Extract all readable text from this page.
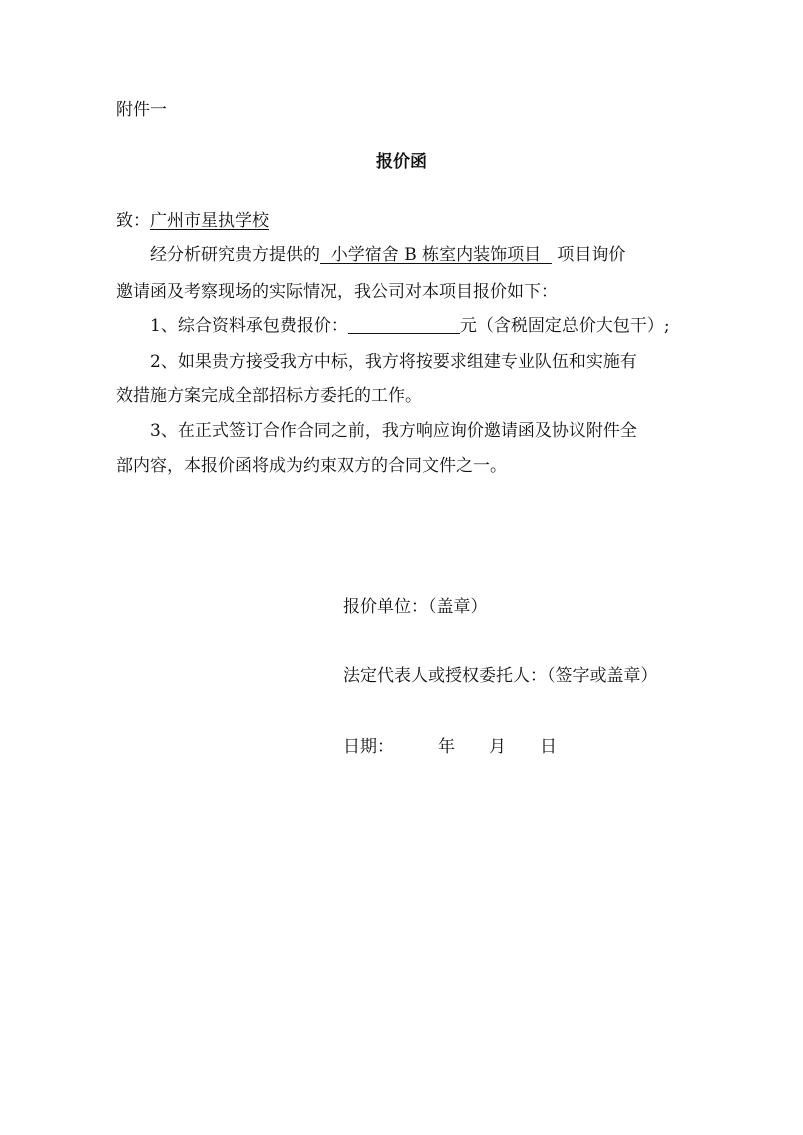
附件一
报价函
致：广州市星执学校
经分析研究贵方提供的  小学宿舍 B 栋室内装饰项目   项目询价
邀请函及考察现场的实际情况，我公司对本项目报价如下：
1、综合资料承包费报价：	元（含税固定总价大包干）;
2、如果贵方接受我方中标，我方将按要求组建专业队伍和实施有
效措施方案完成全部招标方委托的工作。
3、在正式签订合作合同之前，我方响应询价邀请函及协议附件全
部内容，本报价函将成为约束双方的合同文件之一。
报价单位：（盖章）
法定代表人或授权委托人：（签字或盖章）
日期：	年 月 日
